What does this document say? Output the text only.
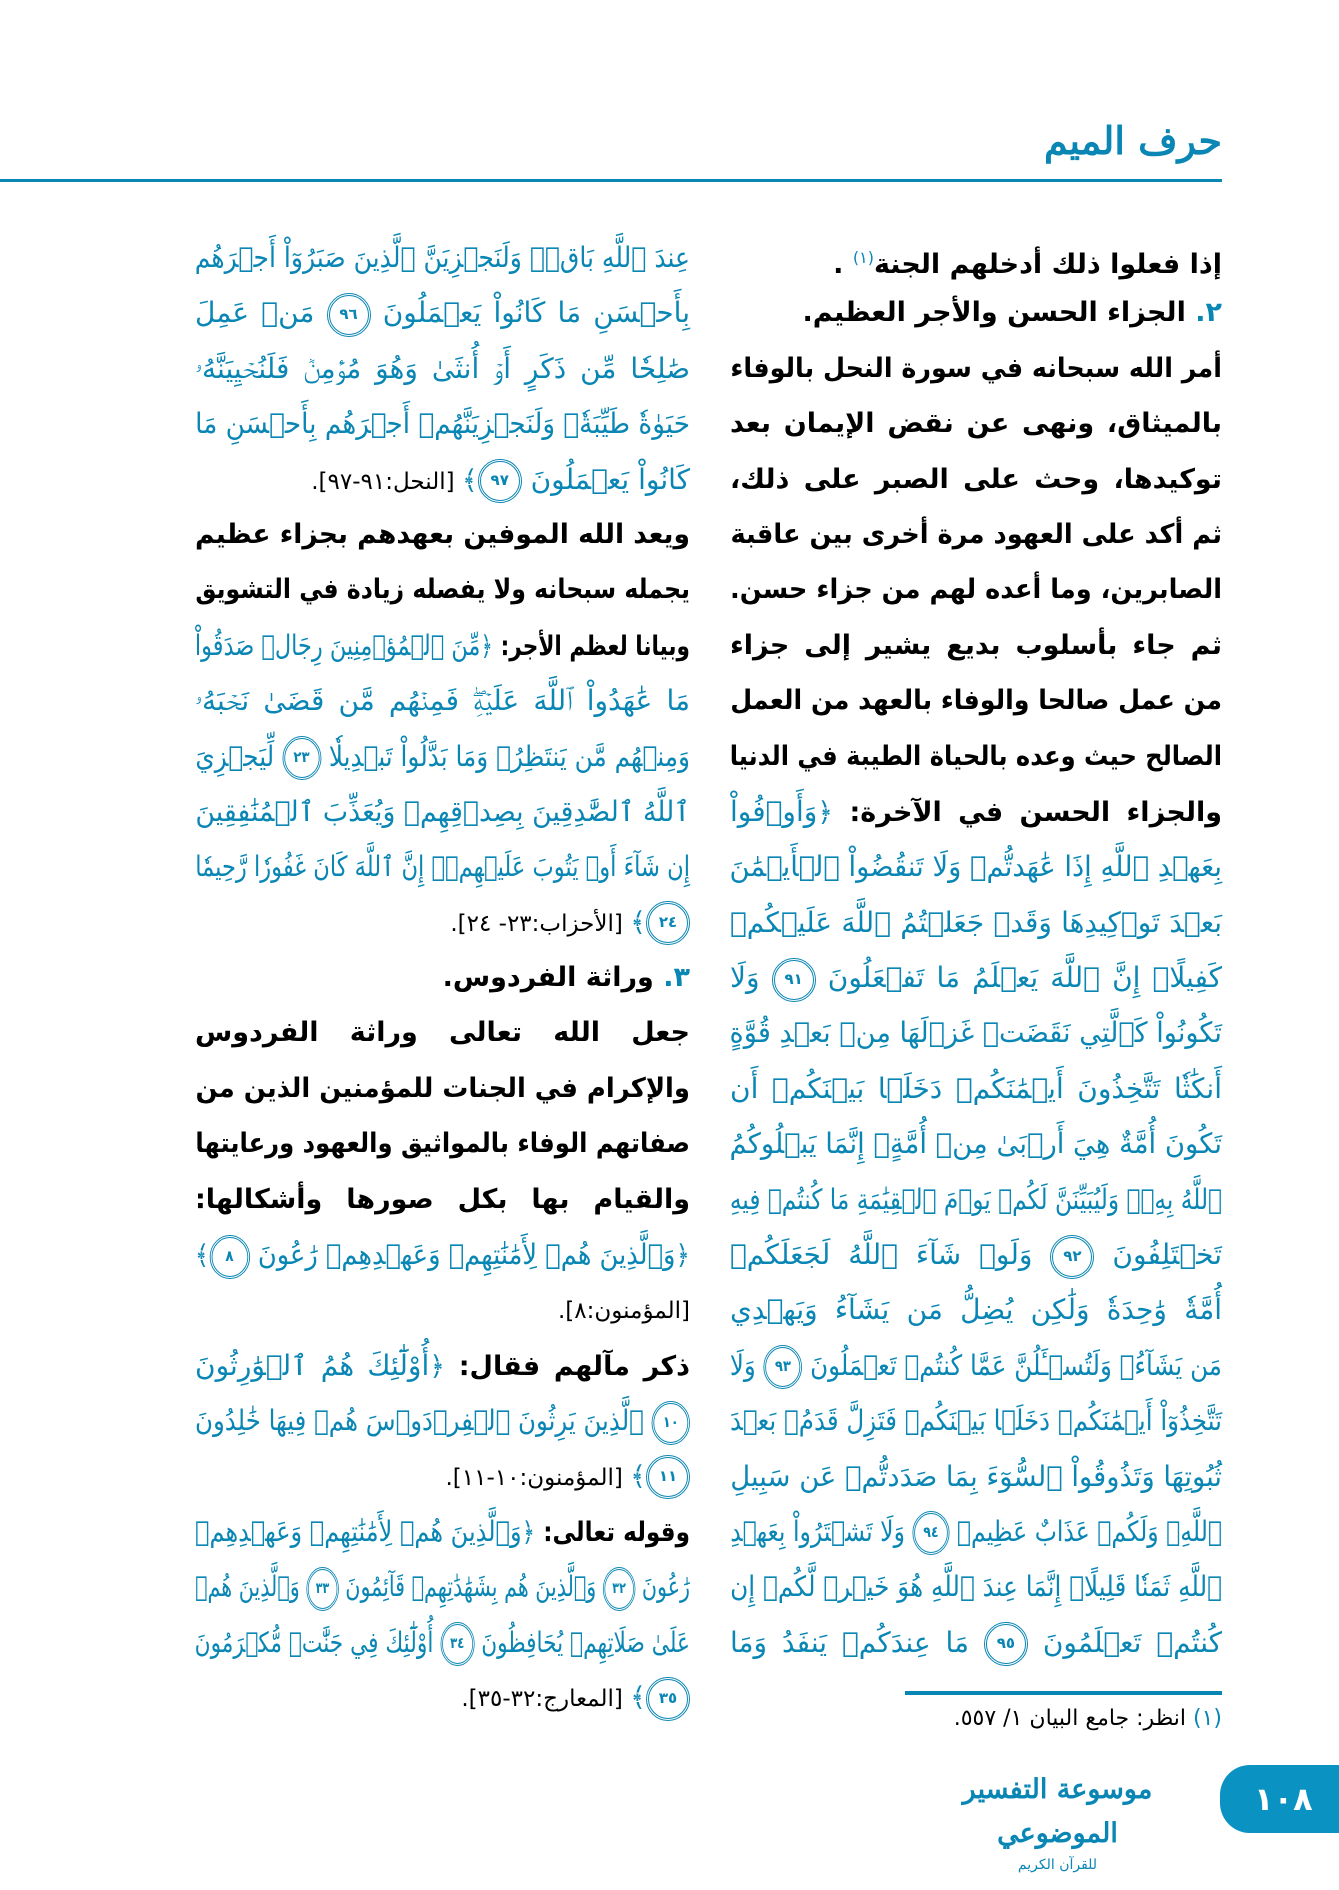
حرف الميم
إذا فعلوا ذلك أدخلهم الجنة$^{(١)}$ .
٢. الجزاء الحسن والأجر العظيم.
أمر الله سبحانه في سورة النحل بالوفاء
بالميثاق، ونهى عن نقض الإيمان بعد
توكيدها، وحث على الصبر على ذلك،
ثم أكد على العهود مرة أخرى بين عاقبة
الصابرين، وما أعده لهم من جزاء حسن.
ثم جاء بأسلوب بديع يشير إلى جزاء
من عمل صالحا والوفاء بالعهد من العمل
الصالح حيث وعده بالحياة الطيبة في الدنيا
والجزاء الحسن في الآخرة: ﴿وَأَوۡفُواْ
بِعَهۡدِ ٱللَّهِ إِذَا عَٰهَدتُّمۡ وَلَا تَنقُضُواْ ٱلۡأَيۡمَٰنَ
بَعۡدَ تَوۡكِيدِهَا وَقَدۡ جَعَلۡتُمُ ٱللَّهَ عَلَيۡكُمۡ
كَفِيلًاۚ إِنَّ ٱللَّهَ يَعۡلَمُ مَا تَفۡعَلُونَ ٩١ وَلَا
تَكُونُواْ كَٱلَّتِي نَقَضَتۡ غَزۡلَهَا مِنۢ بَعۡدِ قُوَّةٍ
أَنكَٰثٗا تَتَّخِذُونَ أَيۡمَٰنَكُمۡ دَخَلَۢا بَيۡنَكُمۡ أَن
تَكُونَ أُمَّةٌ هِيَ أَرۡبَىٰ مِنۡ أُمَّةٍۚ إِنَّمَا يَبۡلُوكُمُ
ٱللَّهُ بِهِۦۚ وَلَيُبَيِّنَنَّ لَكُمۡ يَوۡمَ ٱلۡقِيَٰمَةِ مَا كُنتُمۡ فِيهِ
تَخۡتَلِفُونَ ٩٢ وَلَوۡ شَآءَ ٱللَّهُ لَجَعَلَكُمۡ
أُمَّةٗ وَٰحِدَةٗ وَلَٰكِن يُضِلُّ مَن يَشَآءُ وَيَهۡدِي
مَن يَشَآءُۚ وَلَتُسۡـَٔلُنَّ عَمَّا كُنتُمۡ تَعۡمَلُونَ ٩٣ وَلَا
تَتَّخِذُوٓاْ أَيۡمَٰنَكُمۡ دَخَلَۢا بَيۡنَكُمۡ فَتَزِلَّ قَدَمُۢ بَعۡدَ
ثُبُوتِهَا وَتَذُوقُواْ ٱلسُّوٓءَ بِمَا صَدَدتُّمۡ عَن سَبِيلِ
ٱللَّهِۖ وَلَكُمۡ عَذَابٌ عَظِيمٞ ٩٤ وَلَا تَشۡتَرُواْ بِعَهۡدِ
ٱللَّهِ ثَمَنٗا قَلِيلًاۚ إِنَّمَا عِندَ ٱللَّهِ هُوَ خَيۡرٞ لَّكُمۡ إِن
كُنتُمۡ تَعۡلَمُونَ ٩٥ مَا عِندَكُمۡ يَنفَدُ وَمَا
عِندَ ٱللَّهِ بَاقٖۗ وَلَنَجۡزِيَنَّ ٱلَّذِينَ صَبَرُوٓاْ أَجۡرَهُم
بِأَحۡسَنِ مَا كَانُواْ يَعۡمَلُونَ ٩٦ مَنۡ عَمِلَ
صَٰلِحٗا مِّن ذَكَرٍ أَوۡ أُنثَىٰ وَهُوَ مُؤۡمِنٞ فَلَنُحۡيِيَنَّهُۥ
حَيَوٰةٗ طَيِّبَةٗۖ وَلَنَجۡزِيَنَّهُمۡ أَجۡرَهُم بِأَحۡسَنِ مَا
كَانُواْ يَعۡمَلُونَ ٩٧﴾ [النحل:٩١-٩٧].
ويعد الله الموفين بعهدهم بجزاء عظيم
يجمله سبحانه ولا يفصله زيادة في التشويق
وبيانا لعظم الأجر: ﴿مِّنَ ٱلۡمُؤۡمِنِينَ رِجَالٞ صَدَقُواْ
مَا عَٰهَدُواْ ٱللَّهَ عَلَيۡهِۖ فَمِنۡهُم مَّن قَضَىٰ نَحۡبَهُۥ
وَمِنۡهُم مَّن يَنتَظِرُۖ وَمَا بَدَّلُواْ تَبۡدِيلٗا ٢٣ لِّيَجۡزِيَ
ٱللَّهُ ٱلصَّٰدِقِينَ بِصِدۡقِهِمۡ وَيُعَذِّبَ ٱلۡمُنَٰفِقِينَ
إِن شَآءَ أَوۡ يَتُوبَ عَلَيۡهِمۡۚ إِنَّ ٱللَّهَ كَانَ غَفُورٗا رَّحِيمٗا
٢٤﴾ [الأحزاب:٢٣- ٢٤].
٣. وراثة الفردوس.
جعل الله تعالى وراثة الفردوس
والإكرام في الجنات للمؤمنين الذين من
صفاتهم الوفاء بالمواثيق والعهود ورعايتها
والقيام بها بكل صورها وأشكالها:
﴿وَٱلَّذِينَ هُمۡ لِأَمَٰنَٰتِهِمۡ وَعَهۡدِهِمۡ رَٰعُونَ ٨﴾
[المؤمنون:٨].
ذكر مآلهم فقال: ﴿أُوْلَٰٓئِكَ هُمُ ٱلۡوَٰرِثُونَ
١٠ ٱلَّذِينَ يَرِثُونَ ٱلۡفِرۡدَوۡسَ هُمۡ فِيهَا خَٰلِدُونَ
١١﴾ [المؤمنون:١٠-١١].
وقوله تعالى: ﴿وَٱلَّذِينَ هُمۡ لِأَمَٰنَٰتِهِمۡ وَعَهۡدِهِمۡ
رَٰعُونَ ٣٢ وَٱلَّذِينَ هُم بِشَهَٰدَٰتِهِمۡ قَآئِمُونَ ٣٣ وَٱلَّذِينَ هُمۡ
عَلَىٰ صَلَاتِهِمۡ يُحَافِظُونَ ٣٤ أُوْلَٰٓئِكَ فِي جَنَّٰتٖ مُّكۡرَمُونَ
٣٥﴾ [المعارج:٣٢-٣٥].
(١) انظر: جامع البيان ١/ ٥٥٧.
موسوعة التفسير الموضوعي
للقرآن الكريم
١٠٨
